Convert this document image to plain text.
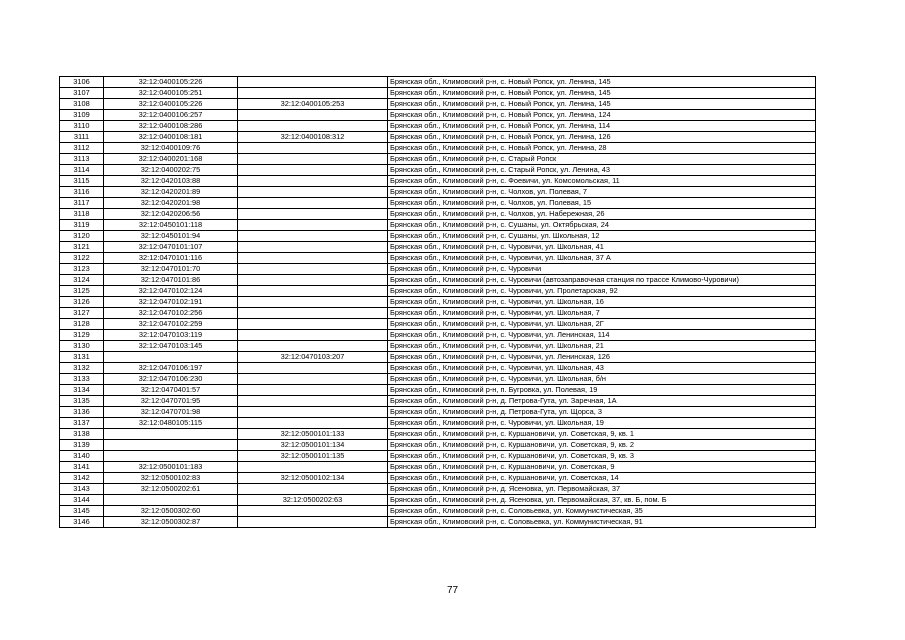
3106	32:12:0400105:226		Брянская обл., Климовский р-н, с. Новый Ропск, ул. Ленина, 145
3107	32:12:0400105:251		Брянская обл., Климовский р-н, с. Новый Ропск, ул. Ленина, 145
3108	32:12:0400105:226	32:12:0400105:253	Брянская обл., Климовский р-н, с. Новый Ропск, ул. Ленина, 145
3109	32:12:0400106:257		Брянская обл., Климовский р-н, с. Новый Ропск, ул. Ленина, 124
3110	32:12:0400108:286		Брянская обл., Климовский р-н, с. Новый Ропск, ул. Ленина, 114
3111	32:12:0400108:181	32:12:0400108:312	Брянская обл., Климовский р-н, с. Новый Ропск, ул. Ленина, 126
3112	32:12:0400109:76		Брянская обл., Климовский р-н, с. Новый Ропск, ул. Ленина, 28
3113	32:12:0400201:168		Брянская обл., Климовский р-н, с. Старый Ропск
3114	32:12:0400202:75		Брянская обл., Климовский р-н, с. Старый Ропск, ул. Ленина, 43
3115	32:12:0420103:88		Брянская обл., Климовский р-н, с. Фоевичи, ул. Комсомольская, 11
3116	32:12:0420201:89		Брянская обл., Климовский р-н, с. Чолхов, ул. Полевая, 7
3117	32:12:0420201:98		Брянская обл., Климовский р-н, с. Чолхов, ул. Полевая, 15
3118	32:12:0420206:56		Брянская обл., Климовский р-н, с. Чолхов, ул. Набережная, 26
3119	32:12:0450101:118		Брянская обл., Климовский р-н, с. Сушаны, ул. Октябрьская, 24
3120	32:12:0450101:94		Брянская обл., Климовский р-н, с. Сушаны, ул. Школьная, 12
3121	32:12:0470101:107		Брянская обл., Климовский р-н, с. Чуровичи, ул. Школьная, 41
3122	32:12:0470101:116		Брянская обл., Климовский р-н, с. Чуровичи, ул. Школьная, 37 А
3123	32:12:0470101:70		Брянская обл., Климовский р-н, с. Чуровичи
3124	32:12:0470101:86		Брянская обл., Климовский р-н, с. Чуровичи (автозаправочная станция по трассе Климово-Чуровичи)
3125	32:12:0470102:124		Брянская обл., Климовский р-н, с. Чуровичи, ул. Пролетарская, 92
3126	32:12:0470102:191		Брянская обл., Климовский р-н, с. Чуровичи, ул. Школьная, 16
3127	32:12:0470102:256		Брянская обл., Климовский р-н, с. Чуровичи, ул. Школьная, 7
3128	32:12:0470102:259		Брянская обл., Климовский р-н, с. Чуровичи, ул. Школьная, 2Г
3129	32:12:0470103:119		Брянская обл., Климовский р-н, с. Чуровичи, ул. Ленинская, 114
3130	32:12:0470103:145		Брянская обл., Климовский р-н, с. Чуровичи, ул. Школьная, 21
3131		32:12:0470103:207	Брянская обл., Климовский р-н, с. Чуровичи, ул. Ленинская, 126
3132	32:12:0470106:197		Брянская обл., Климовский р-н, с. Чуровичи, ул. Школьная, 43
3133	32:12:0470106:230		Брянская обл., Климовский р-н, с. Чуровичи, ул. Школьная, б/н
3134	32:12:0470401:57		Брянская обл., Климовский р-н, п. Бугровка, ул. Полевая, 19
3135	32:12:0470701:95		Брянская обл., Климовский р-н, д. Петрова-Гута, ул. Заречная, 1А
3136	32:12:0470701:98		Брянская обл., Климовский р-н, д. Петрова-Гута, ул. Щорса, 3
3137	32:12:0480105:115		Брянская обл., Климовский р-н, с. Чуровичи, ул. Школьная, 19
3138		32:12:0500101:133	Брянская обл., Климовский р-н, с. Куршановичи, ул. Советская, 9, кв. 1
3139		32:12:0500101:134	Брянская обл., Климовский р-н, с. Куршановичи, ул. Советская, 9, кв. 2
3140		32:12:0500101:135	Брянская обл., Климовский р-н, с. Куршановичи, ул. Советская, 9, кв. 3
3141	32:12:0500101:183		Брянская обл., Климовский р-н, с. Куршановичи, ул. Советская, 9
3142	32:12:0500102:83	32:12:0500102:134	Брянская обл., Климовский р-н, с. Куршановичи, ул. Советская, 14
3143	32:12:0500202:61		Брянская обл., Климовский р-н, д. Ясеновка, ул. Первомайская, 37
3144		32:12:0500202:63	Брянская обл., Климовский р-н, д. Ясеновка, ул. Первомайская, 37, кв. Б, пом. Б
3145	32:12:0500302:60		Брянская обл., Климовский р-н, с. Соловьевка, ул. Коммунистическая, 35
3146	32:12:0500302:87		Брянская обл., Климовский р-н, с. Соловьевка, ул. Коммунистическая, 91
77
